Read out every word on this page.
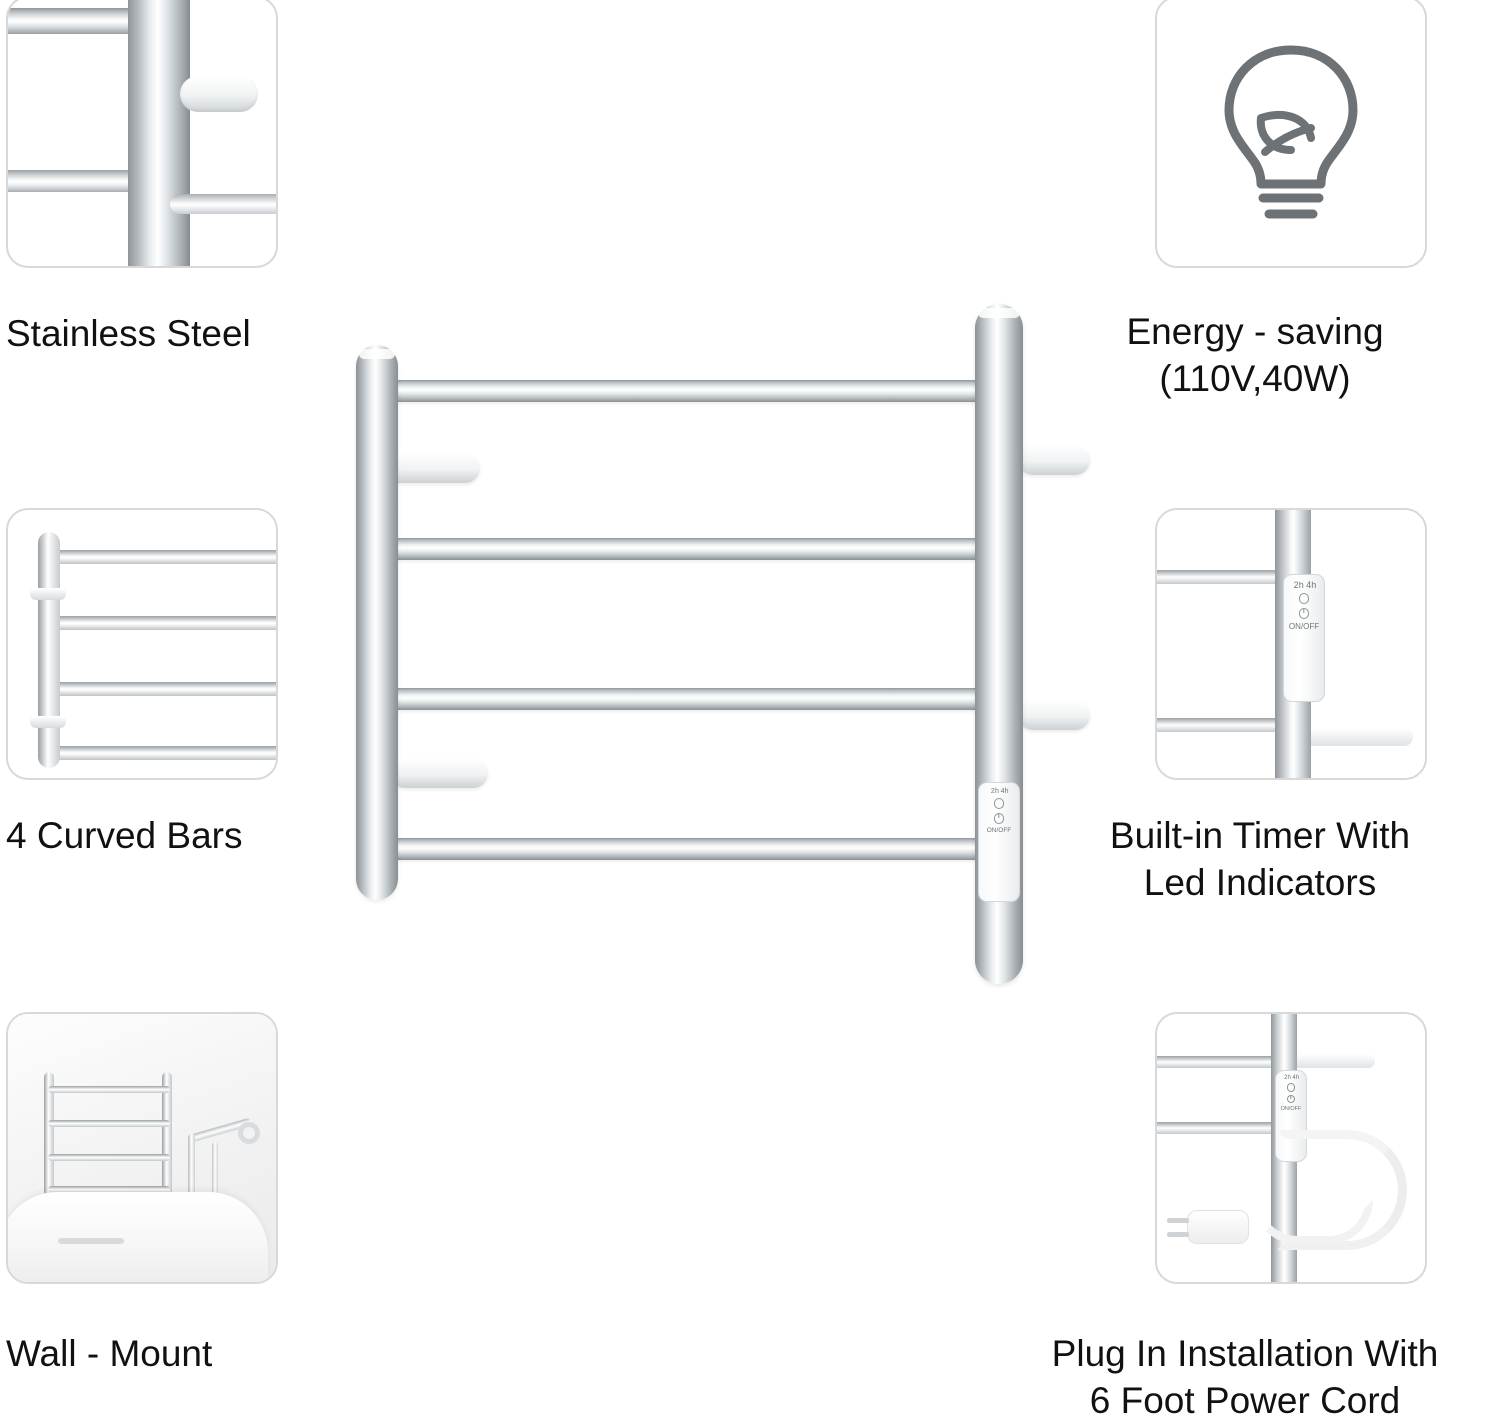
Stainless Steel
4 Curved Bars
Wall - Mount
Energy - saving
(110V,40W)
2h 4h
ON/OFF
Built-in Timer With
Led Indicators
2h 4h
ON/OFF
Plug In Installation With
6 Foot Power Cord
2h 4h
ON/OFF
